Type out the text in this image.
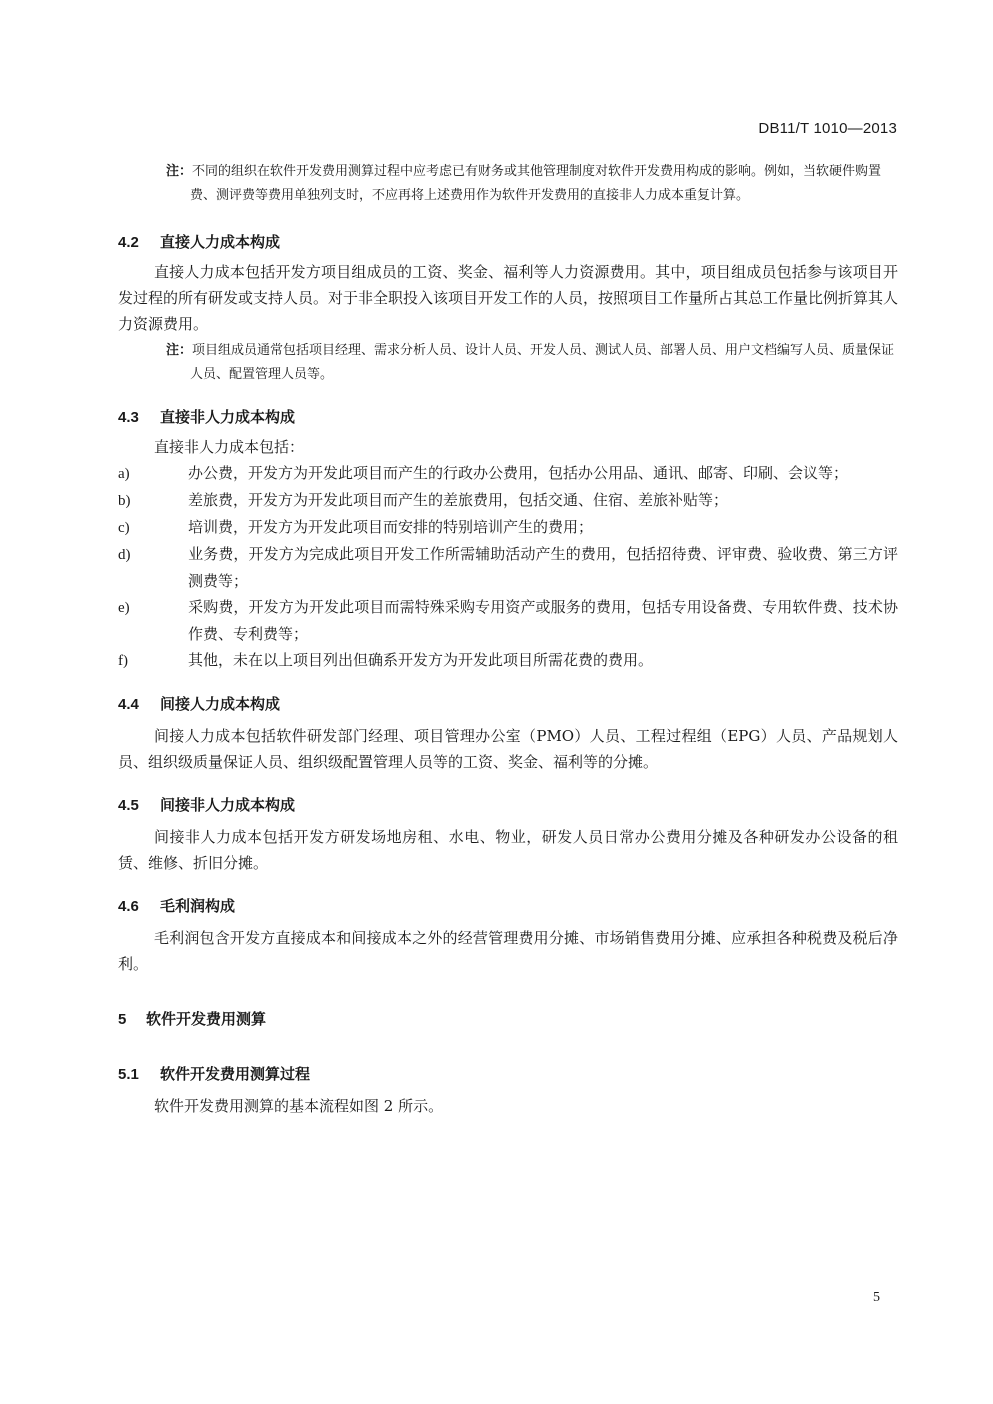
DB11/T 1010—2013

注：不同的组织在软件开发费用测算过程中应考虑已有财务或其他管理制度对软件开发费用构成的影响。例如，当软硬件购置费、测评费等费用单独列支时，不应再将上述费用作为软件开发费用的直接非人力成本重复计算。

4.2 直接人力成本构成

直接人力成本包括开发方项目组成员的工资、奖金、福利等人力资源费用。其中，项目组成员包括参与该项目开发过程的所有研发或支持人员。对于非全职投入该项目开发工作的人员，按照项目工作量所占其总工作量比例折算其人力资源费用。

注：项目组成员通常包括项目经理、需求分析人员、设计人员、开发人员、测试人员、部署人员、用户文档编写人员、质量保证人员、配置管理人员等。

4.3 直接非人力成本构成

直接非人力成本包括：

a)	办公费，开发方为开发此项目而产生的行政办公费用，包括办公用品、通讯、邮寄、印刷、会议等；

b)	差旅费，开发方为开发此项目而产生的差旅费用，包括交通、住宿、差旅补贴等；

c)	培训费，开发方为开发此项目而安排的特别培训产生的费用；

d)	业务费，开发方为完成此项目开发工作所需辅助活动产生的费用，包括招待费、评审费、验收费、第三方评测费等；

e)	采购费，开发方为开发此项目而需特殊采购专用资产或服务的费用，包括专用设备费、专用软件费、技术协作费、专利费等；

f)	其他，未在以上项目列出但确系开发方为开发此项目所需花费的费用。

4.4 间接人力成本构成

间接人力成本包括软件研发部门经理、项目管理办公室（PMO）人员、工程过程组（EPG）人员、产品规划人员、组织级质量保证人员、组织级配置管理人员等的工资、奖金、福利等的分摊。

4.5 间接非人力成本构成

间接非人力成本包括开发方研发场地房租、水电、物业，研发人员日常办公费用分摊及各种研发办公设备的租赁、维修、折旧分摊。

4.6 毛利润构成

毛利润包含开发方直接成本和间接成本之外的经营管理费用分摊、市场销售费用分摊、应承担各种税费及税后净利。

5 软件开发费用测算
5.1 软件开发费用测算过程

软件开发费用测算的基本流程如图 2 所示。

5
